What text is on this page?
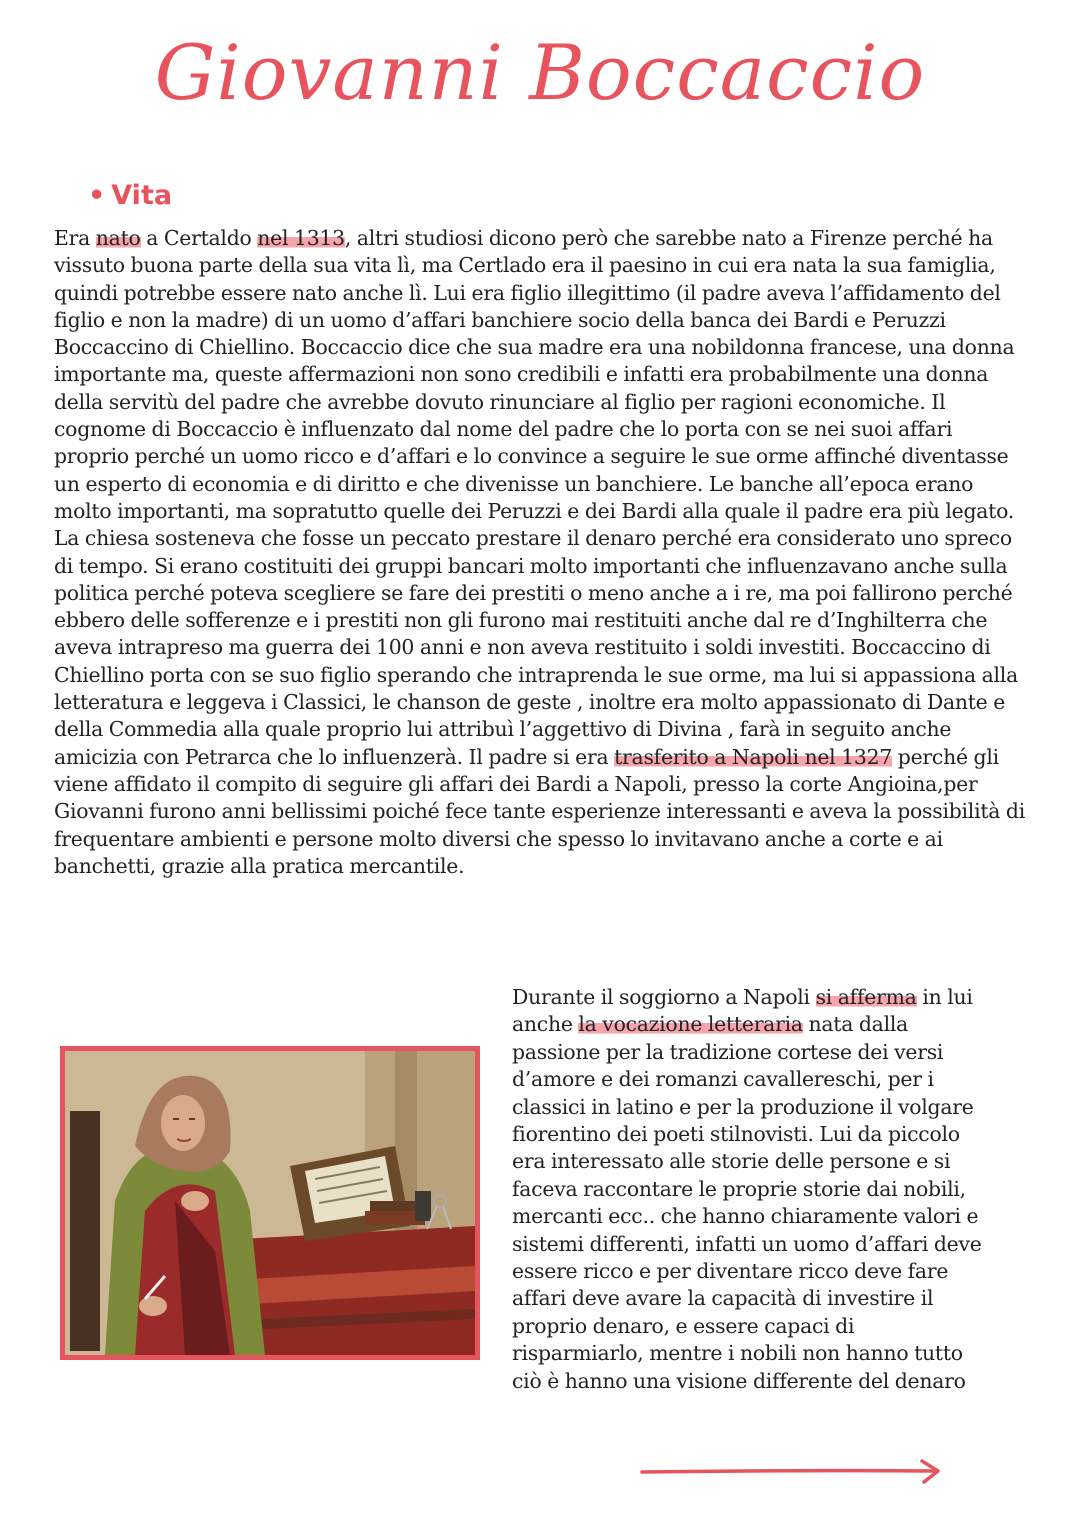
Giovanni Boccaccio
• Vita

Era nato a Certaldo nel 1313, altri studiosi dicono però che sarebbe nato a Firenze perché ha vissuto buona parte della sua vita lì, ma Certlado era il paesino in cui era nata la sua famiglia, quindi potrebbe essere nato anche lì. Lui era figlio illegittimo (il padre aveva l’affidamento del figlio e non la madre) di un uomo d’affari banchiere socio della banca dei Bardi e Peruzzi Boccaccino di Chiellino. Boccaccio dice che sua madre era una nobildonna francese, una donna importante ma, queste affermazioni non sono credibili e infatti era probabilmente una donna della servitù del padre che avrebbe dovuto rinunciare al figlio per ragioni economiche. Il cognome di Boccaccio è influenzato dal nome del padre che lo porta con se nei suoi affari proprio perché un uomo ricco e d’affari e lo convince a seguire le sue orme affinché diventasse un esperto di economia e di diritto e che divenisse un banchiere. Le banche all’epoca erano molto importanti, ma sopratutto quelle dei Peruzzi e dei Bardi alla quale il padre era più legato. La chiesa sosteneva che fosse un peccato prestare il denaro perché era considerato uno spreco di tempo. Si erano costituiti dei gruppi bancari molto importanti che influenzavano anche sulla politica perché poteva scegliere se fare dei prestiti o meno anche a i re, ma poi fallirono perché ebbero delle sofferenze e i prestiti non gli furono mai restituiti anche dal re d’Inghilterra che aveva intrapreso ma guerra dei 100 anni e non aveva restituito i soldi investiti. Boccaccino di Chiellino porta con se suo figlio sperando che intraprenda le sue orme, ma lui si appassiona alla letteratura e leggeva i Classici, le chanson de geste , inoltre era molto appassionato di Dante e della Commedia alla quale proprio lui attribuì l’aggettivo di Divina , farà in seguito anche amicizia con Petrarca che lo influenzerà. Il padre si era trasferito a Napoli nel 1327 perché gli viene affidato il compito di seguire gli affari dei Bardi a Napoli, presso la corte Angioina,per Giovanni furono anni bellissimi poiché fece tante esperienze interessanti e aveva la possibilità di frequentare ambienti e persone molto diversi che spesso lo invitavano anche a corte e ai banchetti, grazie alla pratica mercantile.

Durante il soggiorno a Napoli si afferma in lui anche la vocazione letteraria nata dalla passione per la tradizione cortese dei versi d’amore e dei romanzi cavallereschi, per i classici in latino e per la produzione il volgare fiorentino dei poeti stilnovisti. Lui da piccolo era interessato alle storie delle persone e si faceva raccontare le proprie storie dai nobili, mercanti ecc.. che hanno chiaramente valori e sistemi differenti, infatti un uomo d’affari deve essere ricco e per diventare ricco deve fare affari deve avare la capacità di investire il proprio denaro, e essere capaci di risparmiarlo, mentre i nobili non hanno tutto ciò è hanno una visione differente del denaro
